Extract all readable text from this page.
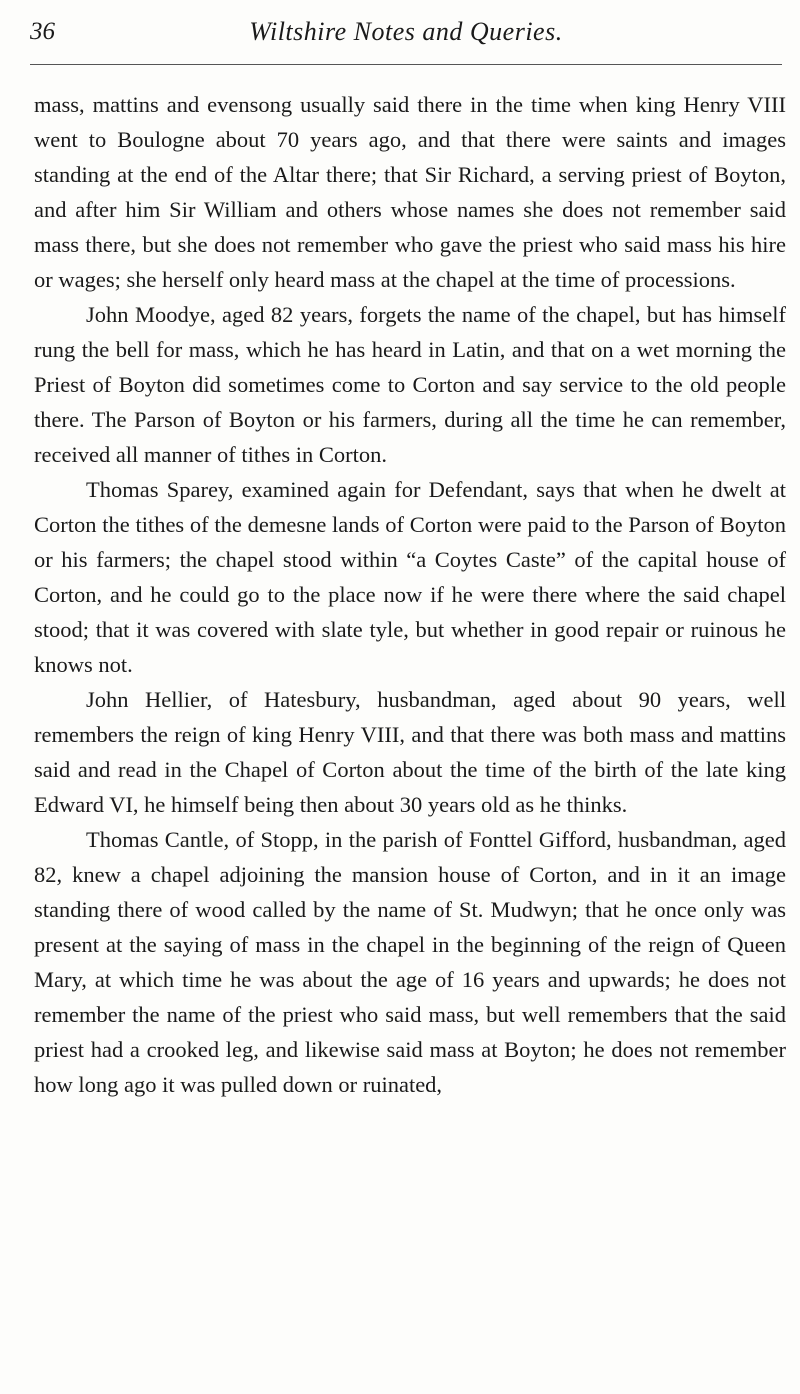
36	Wiltshire Notes and Queries.

mass, mattins and evensong usually said there in the time when king Henry VIII went to Boulogne about 70 years ago, and that there were saints and images standing at the end of the Altar there; that Sir Richard, a serving priest of Boyton, and after him Sir William and others whose names she does not remember said mass there, but she does not remember who gave the priest who said mass his hire or wages; she herself only heard mass at the chapel at the time of processions.

John Moodye, aged 82 years, forgets the name of the chapel, but has himself rung the bell for mass, which he has heard in Latin, and that on a wet morning the Priest of Boyton did sometimes come to Corton and say service to the old people there. The Parson of Boyton or his farmers, during all the time he can remember, received all manner of tithes in Corton.

Thomas Sparey, examined again for Defendant, says that when he dwelt at Corton the tithes of the demesne lands of Corton were paid to the Parson of Boyton or his farmers; the chapel stood within “a Coytes Caste” of the capital house of Corton, and he could go to the place now if he were there where the said chapel stood; that it was covered with slate tyle, but whether in good repair or ruinous he knows not.

John Hellier, of Hatesbury, husbandman, aged about 90 years, well remembers the reign of king Henry VIII, and that there was both mass and mattins said and read in the Chapel of Corton about the time of the birth of the late king Edward VI, he himself being then about 30 years old as he thinks.

Thomas Cantle, of Stopp, in the parish of Fonttel Gifford, husbandman, aged 82, knew a chapel adjoining the mansion house of Corton, and in it an image standing there of wood called by the name of St. Mudwyn; that he once only was present at the saying of mass in the chapel in the beginning of the reign of Queen Mary, at which time he was about the age of 16 years and upwards; he does not remember the name of the priest who said mass, but well remembers that the said priest had a crooked leg, and likewise said mass at Boyton; he does not remember how long ago it was pulled down or ruinated,
